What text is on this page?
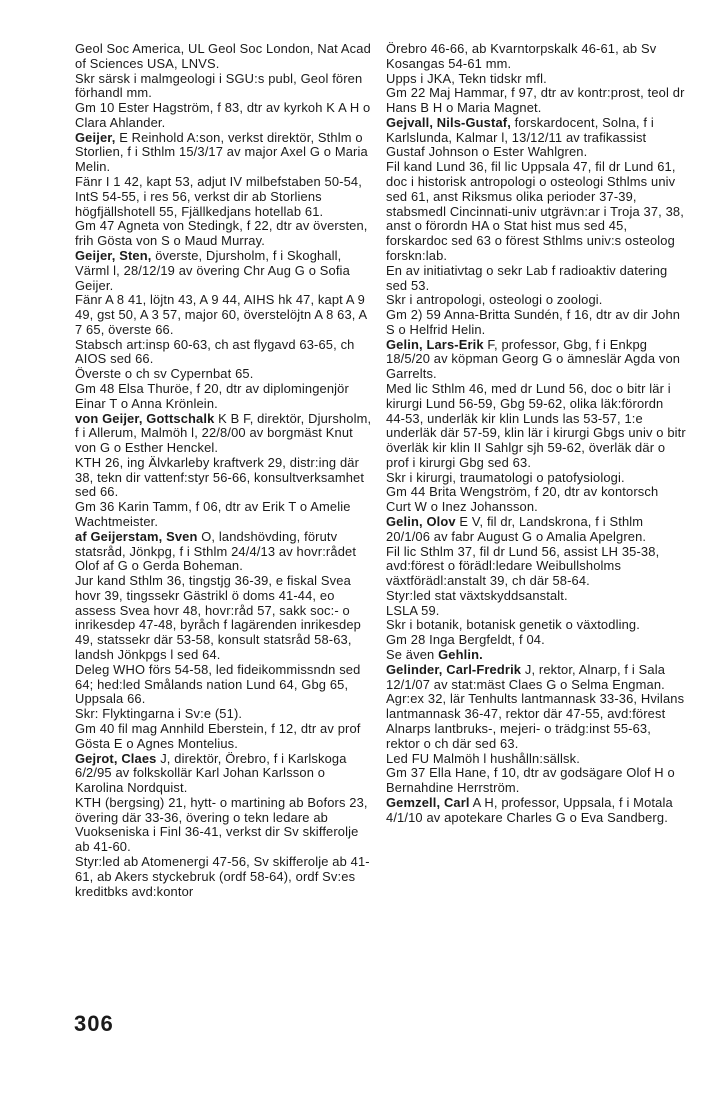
Geol Soc America, UL Geol Soc London, Nat Acad of Sciences USA, LNVS.

Skr särsk i malmgeologi i SGU:s publ, Geol fören förhandl mm.

Gm 10 Ester Hagström, f 83, dtr av kyrkoh K A H o Clara Ahlander.

Geijer, E Reinhold A:son, verkst direktör, Sthlm o Storlien, f i Sthlm 15/3/17 av major Axel G o Maria Melin.

Fänr I 1 42, kapt 53, adjut IV milbefstaben 50-54, IntS 54-55, i res 56, verkst dir ab Storliens högfjällshotell 55, Fjällkedjans hotellab 61.

Gm 47 Agneta von Stedingk, f 22, dtr av översten, frih Gösta von S o Maud Murray.

Geijer, Sten, överste, Djursholm, f i Skoghall, Värml l, 28/12/19 av övering Chr Aug G o Sofia Geijer.

Fänr A 8 41, löjtn 43, A 9 44, AIHS hk 47, kapt A 9 49, gst 50, A 3 57, major 60, överstelöjtn A 8 63, A 7 65, överste 66.

Stabsch art:insp 60-63, ch ast flygavd 63-65, ch AIOS sed 66.

Överste o ch sv Cypernbat 65.

Gm 48 Elsa Thuröe, f 20, dtr av diplomingenjör Einar T o Anna Krönlein.

von Geijer, Gottschalk K B F, direktör, Djursholm, f i Allerum, Malmöh l, 22/8/00 av borgmäst Knut von G o Esther Henckel.

KTH 26, ing Älvkarleby kraftverk 29, distr:ing där 38, tekn dir vattenf:styr 56-66, konsultverksamhet sed 66.

Gm 36 Karin Tamm, f 06, dtr av Erik T o Amelie Wachtmeister.

af Geijerstam, Sven O, landshövding, förutv statsråd, Jönkpg, f i Sthlm 24/4/13 av hovr:rådet Olof af G o Gerda Boheman.

Jur kand Sthlm 36, tingstjg 36-39, e fiskal Svea hovr 39, tingssekr Gästrikl ö doms 41-44, eo assess Svea hovr 48, hovr:råd 57, sakk soc:- o inrikesdep 47-48, byråch f lagärenden inrikesdep 49, statssekr där 53-58, konsult statsråd 58-63, landsh Jönkpgs l sed 64.

Deleg WHO förs 54-58, led fideikommissndn sed 64; hed:led Smålands nation Lund 64, Gbg 65, Uppsala 66.

Skr: Flyktingarna i Sv:e (51).

Gm 40 fil mag Annhild Eberstein, f 12, dtr av prof Gösta E o Agnes Montelius.

Gejrot, Claes J, direktör, Örebro, f i Karlskoga 6/2/95 av folkskollär Karl Johan Karlsson o Karolina Nordquist.

KTH (bergsing) 21, hytt- o martining ab Bofors 23, övering där 33-36, övering o tekn ledare ab Vuokseniska i Finl 36-41, verkst dir Sv skifferolje ab 41-60.

Styr:led ab Atomenergi 47-56, Sv skifferolje ab 41-61, ab Akers styckebruk (ordf 58-64), ordf Sv:es kreditbks avd:kontor

Örebro 46-66, ab Kvarntorpskalk 46-61, ab Sv Kosangas 54-61 mm.

Upps i JKA, Tekn tidskr mfl.

Gm 22 Maj Hammar, f 97, dtr av kontr:prost, teol dr Hans B H o Maria Magnet.

Gejvall, Nils-Gustaf, forskardocent, Solna, f i Karlslunda, Kalmar l, 13/12/11 av trafikassist Gustaf Johnson o Ester Wahlgren.

Fil kand Lund 36, fil lic Uppsala 47, fil dr Lund 61, doc i historisk antropologi o osteologi Sthlms univ sed 61, anst Riksmus olika perioder 37-39, stabsmedl Cincinnati-univ utgrävn:ar i Troja 37, 38, anst o förordn HA o Stat hist mus sed 45, forskardoc sed 63 o förest Sthlms univ:s osteolog forskn:lab.

En av initiativtag o sekr Lab f radioaktiv datering sed 53.

Skr i antropologi, osteologi o zoologi.

Gm 2) 59 Anna-Britta Sundén, f 16, dtr av dir John S o Helfrid Helin.

Gelin, Lars-Erik F, professor, Gbg, f i Enkpg 18/5/20 av köpman Georg G o ämneslär Agda von Garrelts.

Med lic Sthlm 46, med dr Lund 56, doc o bitr lär i kirurgi Lund 56-59, Gbg 59-62, olika läk:förordn 44-53, underläk kir klin Lunds las 53-57, 1:e underläk där 57-59, klin lär i kirurgi Gbgs univ o bitr överläk kir klin II Sahlgr sjh 59-62, överläk där o prof i kirurgi Gbg sed 63.

Skr i kirurgi, traumatologi o patofysiologi.

Gm 44 Brita Wengström, f 20, dtr av kontorsch Curt W o Inez Johansson.

Gelin, Olov E V, fil dr, Landskrona, f i Sthlm 20/1/06 av fabr August G o Amalia Apelgren.

Fil lic Sthlm 37, fil dr Lund 56, assist LH 35-38, avd:förest o förädl:ledare Weibullsholms växtförädl:anstalt 39, ch där 58-64.

Styr:led stat växtskyddsanstalt.

LSLA 59.

Skr i botanik, botanisk genetik o växtodling.

Gm 28 Inga Bergfeldt, f 04.

Se även Gehlin.

Gelinder, Carl-Fredrik J, rektor, Alnarp, f i Sala 12/1/07 av stat:mäst Claes G o Selma Engman.

Agr:ex 32, lär Tenhults lantmannask 33-36, Hvilans lantmannask 36-47, rektor där 47-55, avd:förest Alnarps lantbruks-, mejeri- o trädg:inst 55-63, rektor o ch där sed 63.

Led FU Malmöh l hushålln:sällsk.

Gm 37 Ella Hane, f 10, dtr av godsägare Olof H o Bernahdine Herrström.

Gemzell, Carl A H, professor, Uppsala, f i Motala 4/1/10 av apotekare Charles G o Eva Sandberg.

306
